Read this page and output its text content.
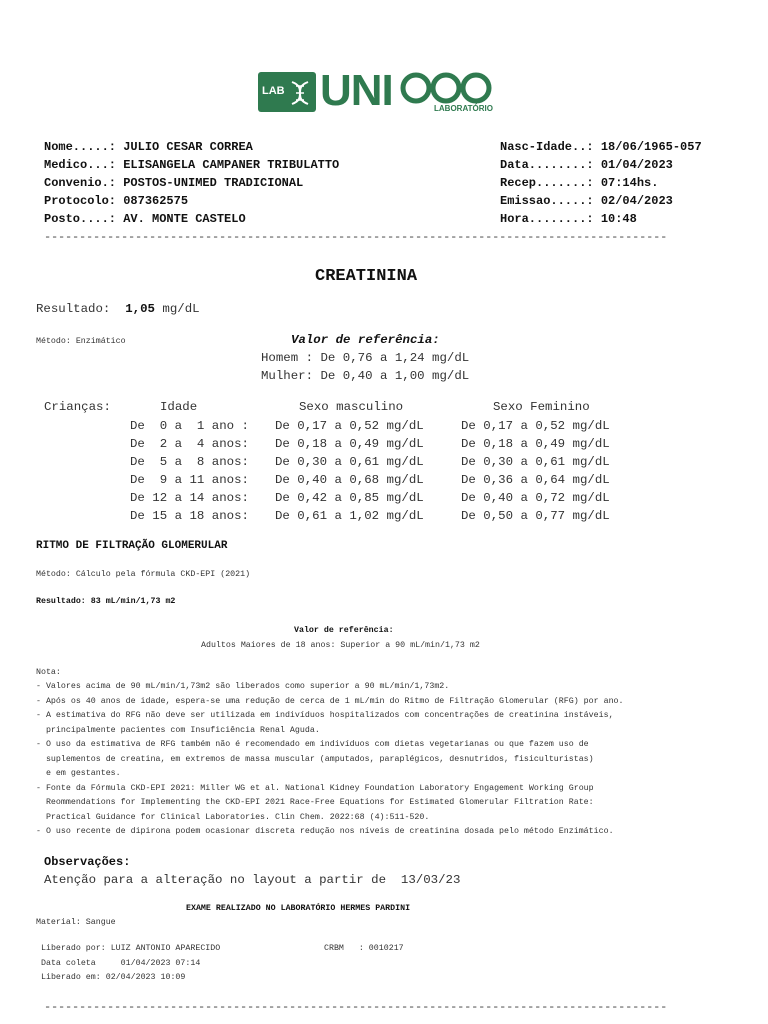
LAB UNI	LABORATÓRIO
Nome.....: JULIO CESAR CORREA
Medico...: ELISANGELA CAMPANER TRIBULATTO
Convenio.: POSTOS-UNIMED TRADICIONAL
Protocolo: 087362575
Posto....: AV. MONTE CASTELO
Nasc-Idade..: 18/06/1965-057
Data........: 01/04/2023
Recep.......: 07:14hs.
Emissao.....: 02/04/2023
Hora........: 10:48
-----------------------------------------------------------------------------------------
CREATININA
Resultado: 1,05 mg/dL
Método: Enzimático	Valor de referência:
Homem : De 0,76 a 1,24 mg/dL
Mulher: De 0,40 a 1,00 mg/dL
Crianças:	Idade	Sexo masculino	Sexo Feminino
De  0 a  1 ano : De 0,17 a 0,52 mg/dL	De 0,17 a 0,52 mg/dL
De  2 a  4 anos: De 0,18 a 0,49 mg/dL	De 0,18 a 0,49 mg/dL
De  5 a  8 anos: De 0,30 a 0,61 mg/dL	De 0,30 a 0,61 mg/dL
De  9 a 11 anos: De 0,40 a 0,68 mg/dL	De 0,36 a 0,64 mg/dL
De 12 a 14 anos: De 0,42 a 0,85 mg/dL	De 0,40 a 0,72 mg/dL
De 15 a 18 anos: De 0,61 a 1,02 mg/dL	De 0,50 a 0,77 mg/dL
RITMO DE FILTRAÇÃO GLOMERULAR
Método: Cálculo pela fórmula CKD-EPI (2021)
Resultado: 83 mL/min/1,73 m2
Valor de referência:
Adultos Maiores de 18 anos: Superior a 90 mL/min/1,73 m2
Nota:
- Valores acima de 90 mL/min/1,73m2 são liberados como superior a 90 mL/min/1,73m2.
- Após os 40 anos de idade, espera-se uma redução de cerca de 1 mL/min do Ritmo de Filtração Glomerular (RFG) por ano.
- A estimativa do RFG não deve ser utilizada em indivíduos hospitalizados com concentrações de creatinina instáveis,
principalmente pacientes com Insuficiência Renal Aguda.
- O uso da estimativa de RFG também não é recomendado em indivíduos com dietas vegetarianas ou que fazem uso de
suplementos de creatina, em extremos de massa muscular (amputados, paraplégicos, desnutridos, fisiculturistas)
e em gestantes.
- Fonte da Fórmula CKD-EPI 2021: Miller WG et al. National Kidney Foundation Laboratory Engagement Working Group
Reommendations for Implementing the CKD-EPI 2021 Race-Free Equations for Estimated Glomerular Filtration Rate:
Practical Guidance for Clinical Laboratories. Clin Chem. 2022:68 (4):511-520.
- O uso recente de dipirona podem ocasionar discreta redução nos níveis de creatinina dosada pelo método Enzimático.
Observações:
Atenção para a alteração no layout a partir de  13/03/23
EXAME REALIZADO NO LABORATÓRIO HERMES PARDINI
Material: Sangue
Liberado por: LUIZ ANTONIO APARECIDO	CRBM   : 0010217
Data coleta     01/04/2023 07:14
Liberado em: 02/04/2023 10:09
-----------------------------------------------------------------------------------------
